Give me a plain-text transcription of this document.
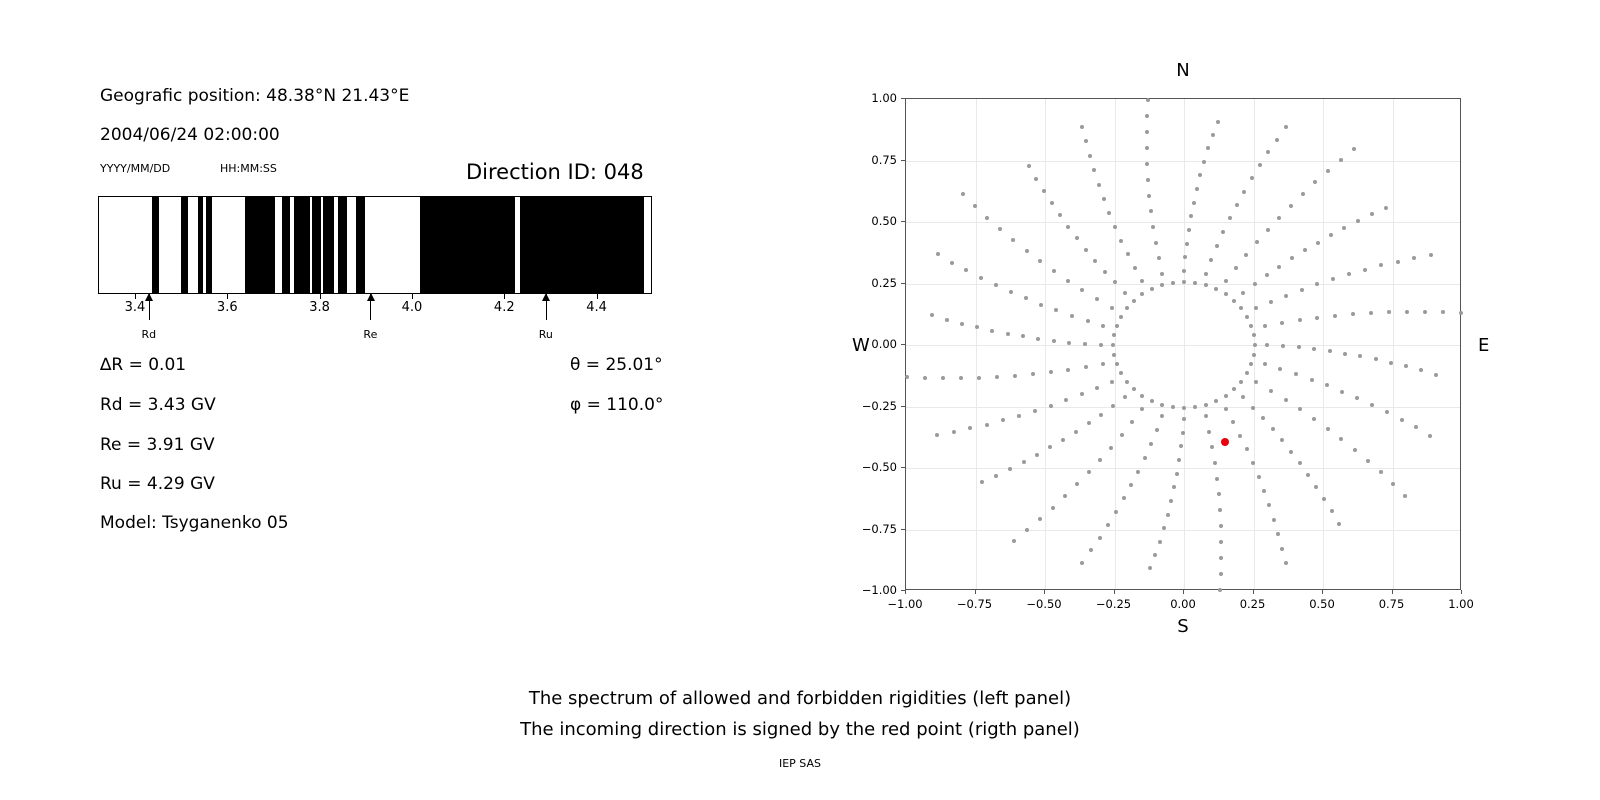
Geografic position: 48.38°N 21.43°E
2004/06/24 02:00:00
YYYY/MM/DD	HH:MM:SS	Direction ID: 048
3.4	3.6	3.8	4.0	4.2	4.4
Rd	Re	Ru
∆R = 0.01
Rd = 3.43 GV
Re = 3.91 GV
Ru = 4.29 GV
Model: Tsyganenko 05
θ = 25.01°
φ = 110.0°
N
S
W	E
−1.00	−0.75	−0.50	−0.25	0.00	0.25	0.50	0.75	1.00
−1.00
−0.75
−0.50
−0.25
0.00
0.25
0.50
0.75
1.00
The spectrum of allowed and forbidden rigidities (left panel)
The incoming direction is signed by the red point (rigth panel)
IEP SAS
